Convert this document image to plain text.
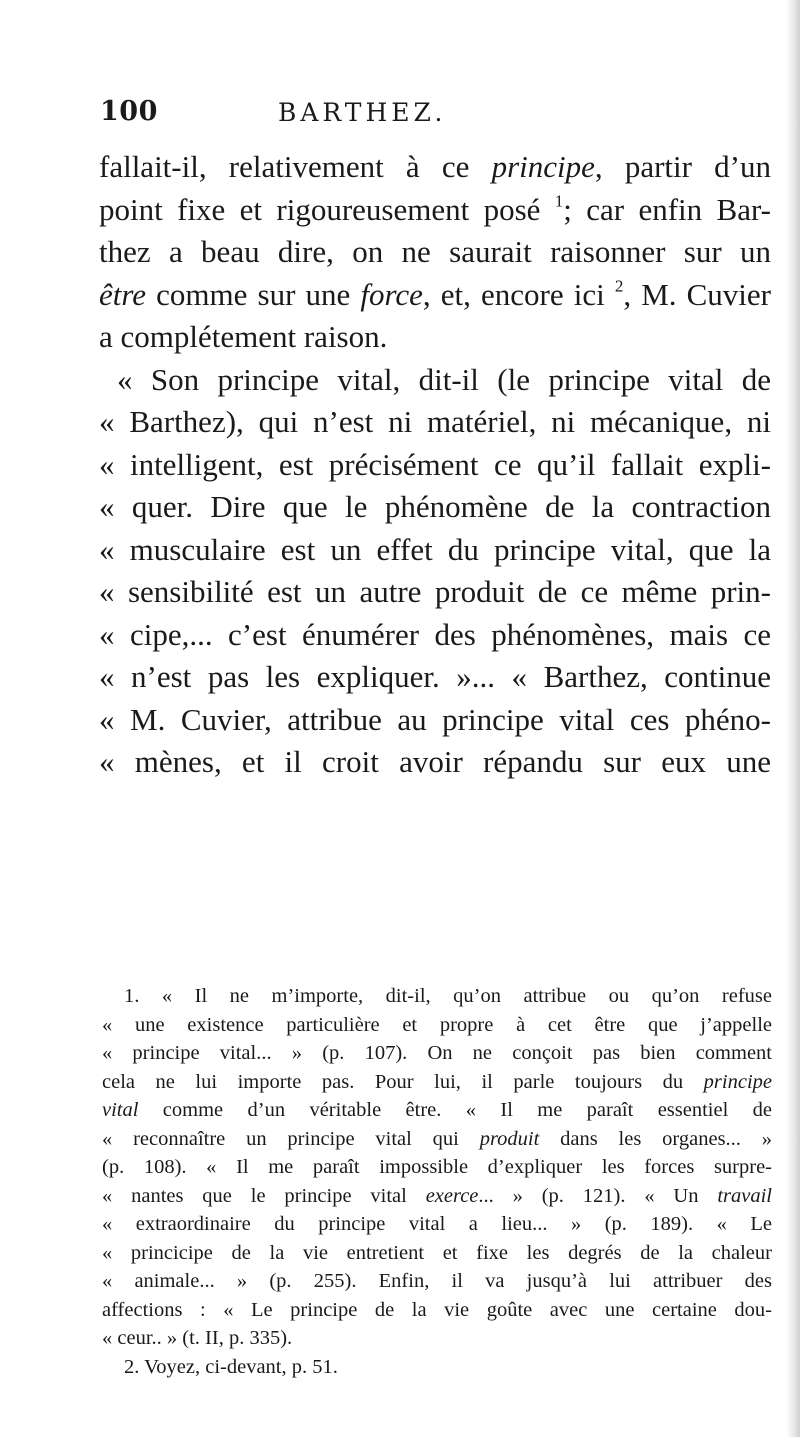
100	BARTHEZ.
fallait-il, relativement à ce principe, partir d’un
point fixe et rigoureusement posé $^1$; car enfin Bar-
thez a beau dire, on ne saurait raisonner sur un
être comme sur une force, et, encore ici $^2$, M. Cuvier
a complétement raison.
« Son principe vital, dit-il (le principe vital de
« Barthez), qui n’est ni matériel, ni mécanique, ni
« intelligent, est précisément ce qu’il fallait expli-
« quer. Dire que le phénomène de la contraction
« musculaire est un effet du principe vital, que la
« sensibilité est un autre produit de ce même prin-
« cipe,... c’est énumérer des phénomènes, mais ce
« n’est pas les expliquer. »... « Barthez, continue
« M. Cuvier, attribue au principe vital ces phéno-
« mènes, et il croit avoir répandu sur eux une
1. « Il ne m’importe, dit-il, qu’on attribue ou qu’on refuse
« une existence particulière et propre à cet être que j’appelle
« principe vital... » (p. 107). On ne conçoit pas bien comment
cela ne lui importe pas. Pour lui, il parle toujours du principe
vital comme d’un véritable être. « Il me paraît essentiel de
« reconnaître un principe vital qui produit dans les organes... »
(p. 108). « Il me paraît impossible d’expliquer les forces surpre-
« nantes que le principe vital exerce... » (p. 121). « Un travail
« extraordinaire du principe vital a lieu... » (p. 189). « Le
« princicipe de la vie entretient et fixe les degrés de la chaleur
« animale... » (p. 255). Enfin, il va jusqu’à lui attribuer des
affections : « Le principe de la vie goûte avec une certaine dou-
« ceur.. » (t. II, p. 335).
2. Voyez, ci-devant, p. 51.
